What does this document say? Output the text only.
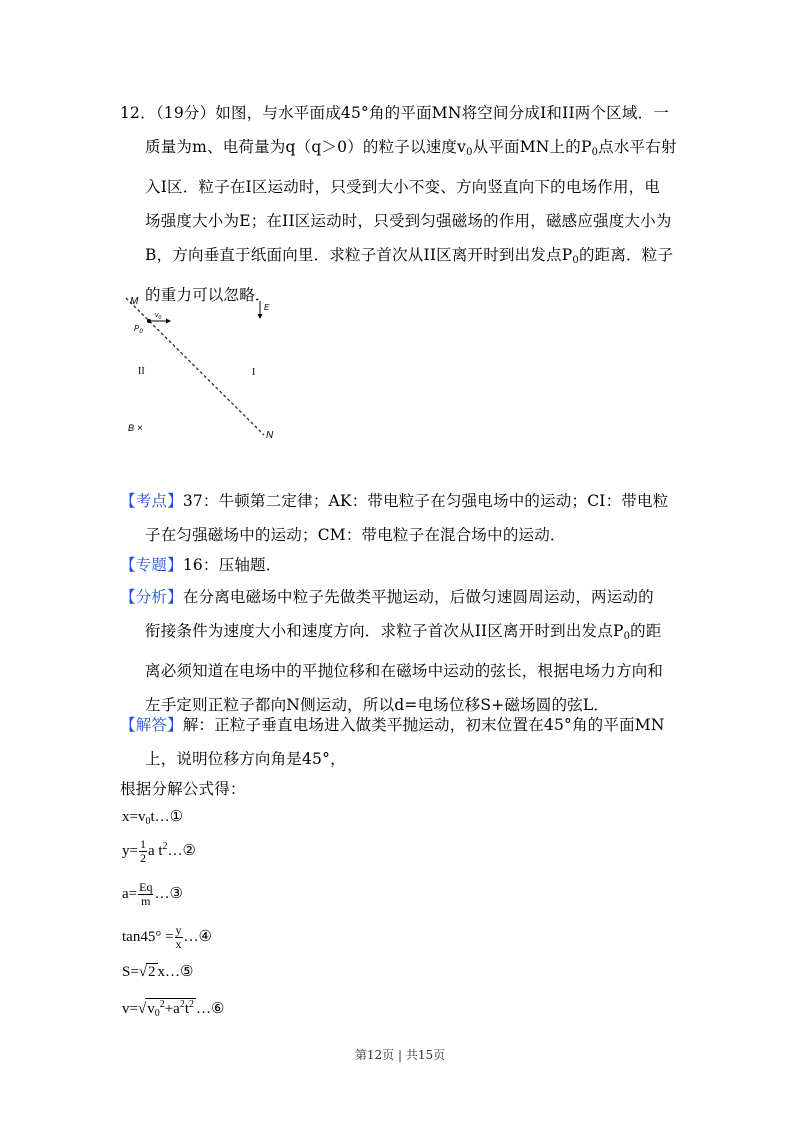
12．（19分）如图，与水平面成45°角的平面MN将空间分成I和II两个区域．一
质量为m、电荷量为q（q＞0）的粒子以速度$v_0$从平面MN上的$P_0$点水平右射
入I区．粒子在I区运动时，只受到大小不变、方向竖直向下的电场作用，电
场强度大小为E；在II区运动时，只受到匀强磁场的作用，磁感应强度大小为
B，方向垂直于纸面向里．求粒子首次从II区离开时到出发点$P_0$的距离．粒子
的重力可以忽略．
M
N
$v_0$
$P_0$
E
II	I
B ×
【考点】37：牛顿第二定律；AK：带电粒子在匀强电场中的运动；CI：带电粒
子在匀强磁场中的运动；CM：带电粒子在混合场中的运动．
【专题】16：压轴题．
【分析】在分离电磁场中粒子先做类平抛运动，后做匀速圆周运动，两运动的
衔接条件为速度大小和速度方向．求粒子首次从II区离开时到出发点$P_0$的距
离必须知道在电场中的平抛位移和在磁场中运动的弦长，根据电场力方向和
左手定则正粒子都向N侧运动，所以d=电场位移S+磁场圆的弦L．
【解答】解：正粒子垂直电场进入做类平抛运动，初末位置在45°角的平面MN
上，说明位移方向角是45°，
根据分解公式得：
$x=v_0t\dots ①$
$y= \frac{1}{2}$ a $t^2\dots ②$
$a= \frac{Eq}{m}$ …③
$\tan 45^\circ = \frac{y}{x}$ …④
S=√2 x…⑤
$v=√v_0^2+a^2t^2$ …⑥
第12页 | 共15页
